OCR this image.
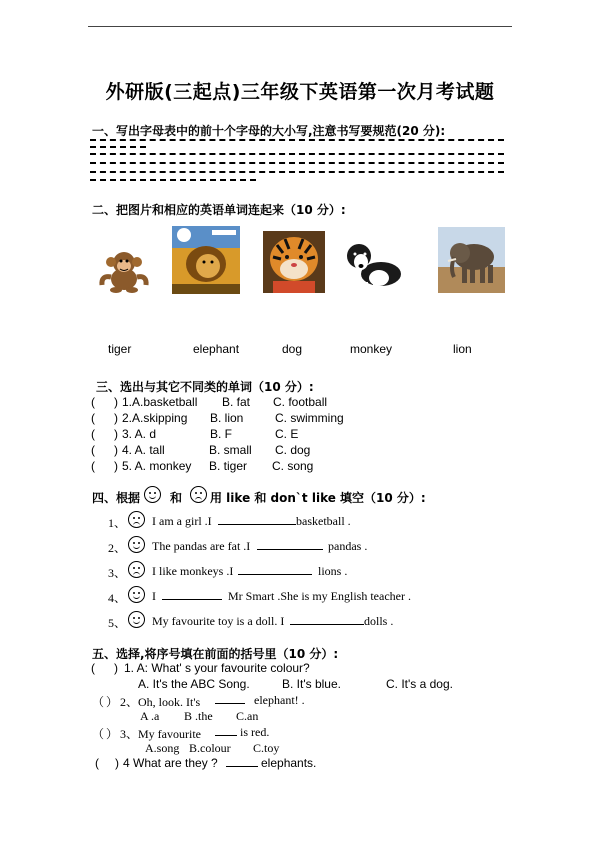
外研版(三起点)三年级下英语第一次月考试题
一、写出字母表中的前十个字母的大小写,注意书写要规范(20 分):
二、把图片和相应的英语单词连起来（10 分）:
tiger	elephant	dog	monkey	lion
三、选出与其它不同类的单词（10 分）:
( ) 1.A.basketball B. fat C. football
( ) 2.A.skipping B. lion	C. swimming
( ) 3. A. d	B. F	C. E
( ) 4. A. tall	B. small C. dog
( ) 5. A. monkey B. tiger C. song
四、根据 和 用 like 和 don`t like 填空（10 分）:
1、 I am a girl .I	basketball .
2、 The pandas are fat .I	pandas .
3、 I like monkeys .I	lions .
4、 I	Mr Smart .She is my English teacher .
5、 My favourite toy is a doll. I	dolls .
五、选择,将序号填在前面的括号里（10 分）:
( ) 1. A: What' s your favourite colour?
A. It's the ABC Song.	B. It's blue.	C. It's a dog.
（ ） 2、Oh, look. It's	elephant! .
A .a B .the C.an
（ ） 3、My favourite	is red.
A.song B.colour C.toy
( ) 4 What are they ?	elephants.
